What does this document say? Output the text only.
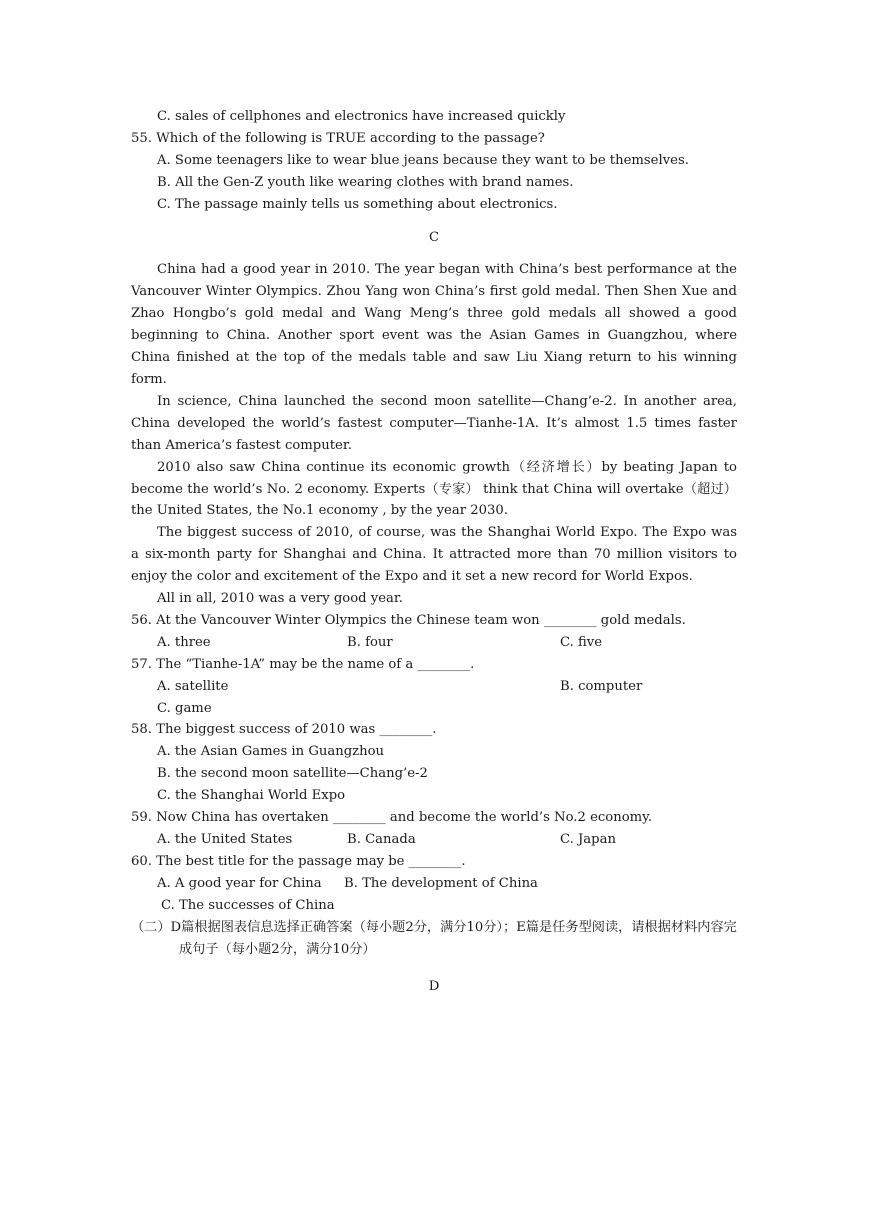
C. sales of cellphones and electronics have increased quickly
55. Which of the following is TRUE according to the passage?
A. Some teenagers like to wear blue jeans because they want to be themselves.
B. All the Gen-Z youth like wearing clothes with brand names.
C. The passage mainly tells us something about electronics.
C
China had a good year in 2010. The year began with China’s best performance at the Vancouver Winter Olympics. Zhou Yang won China’s first gold medal. Then Shen Xue and Zhao Hongbo’s gold medal and Wang Meng’s three gold medals all showed a good beginning to China. Another sport event was the Asian Games in Guangzhou, where China finished at the top of the medals table and saw Liu Xiang return to his winning form.
In science, China launched the second moon satellite—Chang’e-2. In another area, China developed the world’s fastest computer—Tianhe-1A. It’s almost 1.5 times faster than America’s fastest computer.
2010 also saw China continue its economic growth（经济增长）by beating Japan to become the world’s No. 2 economy. Experts（专家） think that China will overtake（超过） the United States, the No.1 economy , by the year 2030.
The biggest success of 2010, of course, was the Shanghai World Expo. The Expo was a six-month party for Shanghai and China. It attracted more than 70 million visitors to enjoy the color and excitement of the Expo and it set a new record for World Expos.
All in all, 2010 was a very good year.
56. At the Vancouver Winter Olympics the Chinese team won ________ gold medals.
A. three	B. four	C. five
57. The “Tianhe-1A” may be the name of a ________.
A. satellite	B. computer
C. game
58. The biggest success of 2010 was ________.
A. the Asian Games in Guangzhou
B. the second moon satellite—Chang’e-2
C. the Shanghai World Expo
59. Now China has overtaken ________ and become the world’s No.2 economy.
A. the United States	B. Canada	C. Japan
60. The best title for the passage may be ________.
A. A good year for China	B. The development of China
C. The successes of China
（二）D篇根据图表信息选择正确答案（每小题2分，满分10分）；E篇是任务型阅读，请根据材料内容完成句子（每小题2分，满分10分）
D
